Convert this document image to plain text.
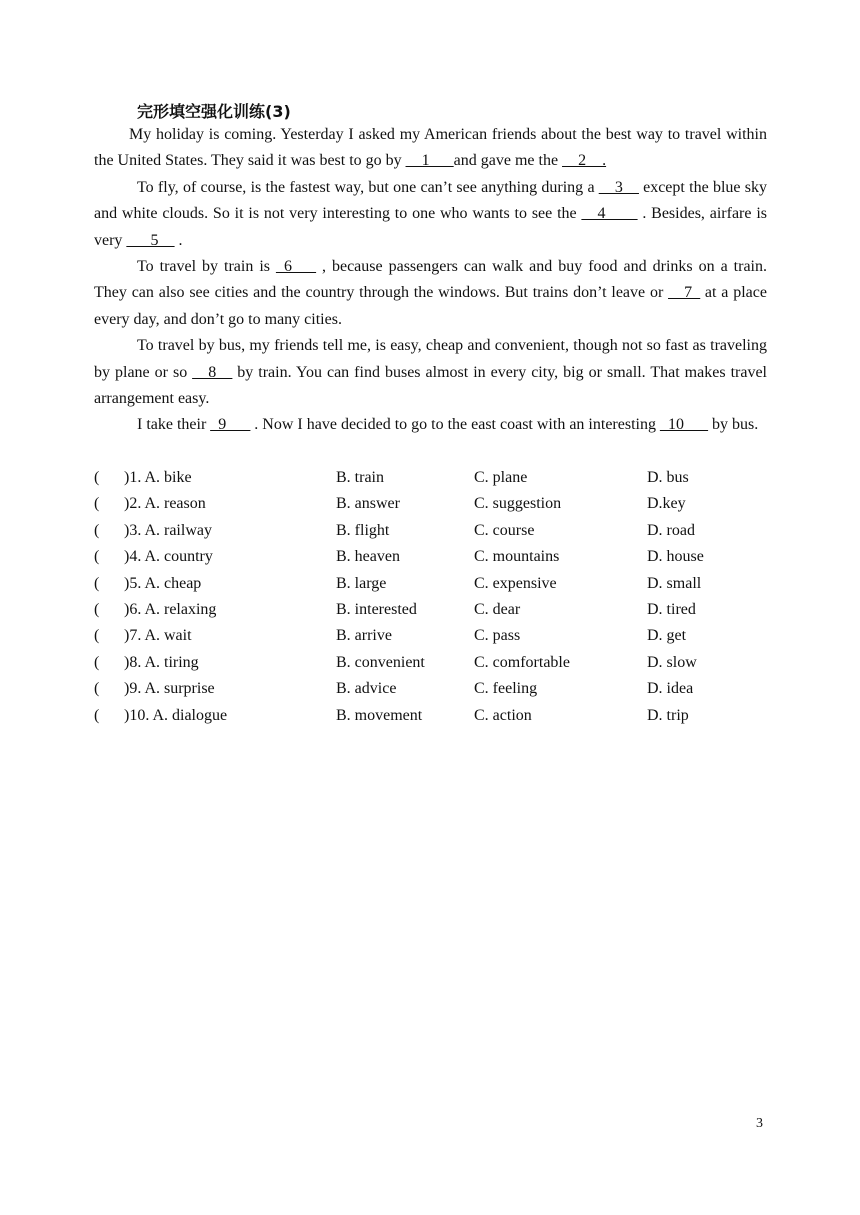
完形填空强化训练(3)

My holiday is coming. Yesterday I asked my American friends about the best way to travel within the United States. They said it was best to go by __1__  and gave me the __2__.

To fly, of course, is the fastest way, but one can’t see anything during a __3__ except the blue sky and white clouds. So it is not very interesting to one who wants to see the __4____ . Besides, airfare is very ___5__ .

To travel by train is _6___ , because passengers can walk and buy food and drinks on a train. They can also see cities and the country through the windows. But trains don’t leave or __7_ at a place every day, and don’t go to many cities.

To travel by bus, my friends tell me, is easy, cheap and convenient, though not so fast as traveling by plane or so __8__ by train. You can find buses almost in every city, big or small. That makes travel arrangement easy.

I take their _9___ . Now I have decided to go to the east coast with an interesting _10___ by bus.

( )1. A. bike	B. train	C. plane	D. bus
( )2. A. reason	B. answer	C. suggestion	D.key
( )3. A. railway	B. flight	C. course	D. road
( )4. A. country	B. heaven	C. mountains	D. house
( )5. A. cheap	B. large	C. expensive	D. small
( )6. A. relaxing	B. interested	C. dear	D. tired
( )7. A. wait	B. arrive	C. pass	D. get
( )8. A. tiring	B. convenient	C. comfortable	D. slow
( )9. A. surprise	B. advice	C. feeling	D. idea
( )10. A. dialogue	B. movement	C. action	D. trip
3
